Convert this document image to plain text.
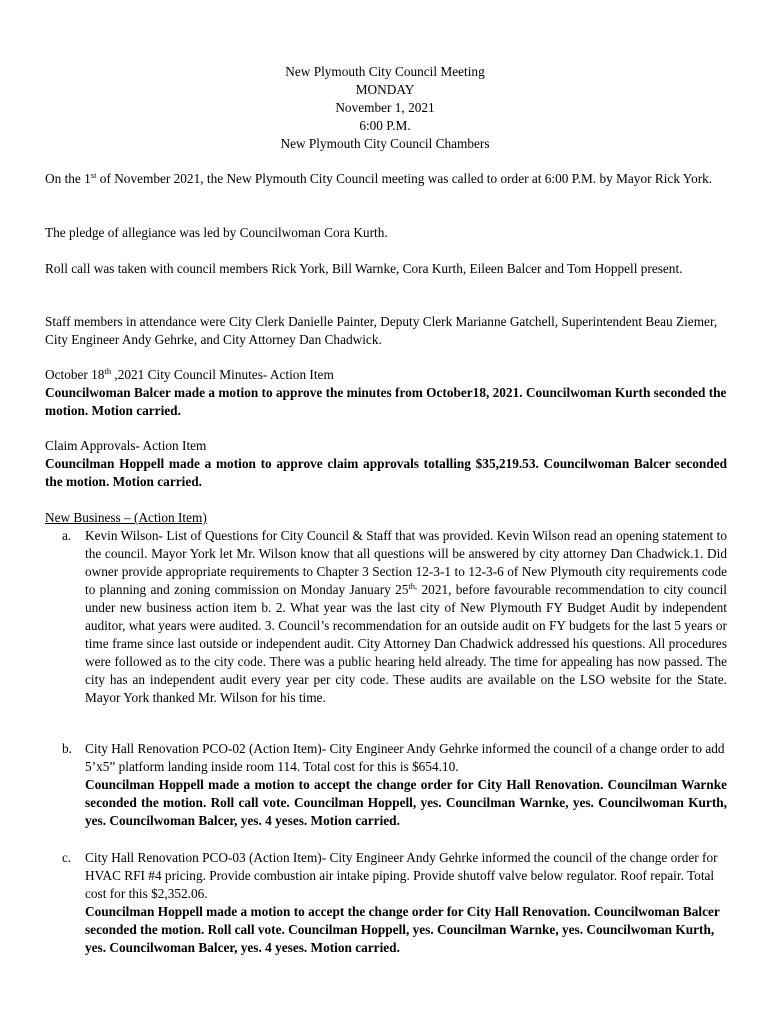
New Plymouth City Council Meeting
MONDAY
November 1, 2021
6:00 P.M.
New Plymouth City Council Chambers

On the 1st of November 2021, the New Plymouth City Council meeting was called to order at 6:00 P.M. by Mayor Rick York.

The pledge of allegiance was led by Councilwoman Cora Kurth.

Roll call was taken with council members Rick York, Bill Warnke, Cora Kurth, Eileen Balcer and Tom Hoppell present.

Staff members in attendance were City Clerk Danielle Painter, Deputy Clerk Marianne Gatchell, Superintendent Beau Ziemer, City Engineer Andy Gehrke, and City Attorney Dan Chadwick.

October 18th ,2021 City Council Minutes- Action Item
Councilwoman Balcer made a motion to approve the minutes from October18, 2021. Councilwoman Kurth seconded the motion. Motion carried.
Claim Approvals- Action Item
Councilman Hoppell made a motion to approve claim approvals totalling $35,219.53. Councilwoman Balcer seconded the motion. Motion carried.
New Business – (Action Item)
a. Kevin Wilson- List of Questions for City Council & Staff that was provided. Kevin Wilson read an opening statement to the council. Mayor York let Mr. Wilson know that all questions will be answered by city attorney Dan Chadwick.1. Did owner provide appropriate requirements to Chapter 3 Section 12-3-1 to 12-3-6 of New Plymouth city requirements code to planning and zoning commission on Monday January $25^{th,}$ 2021, before favourable recommendation to city council under new business action item b. 2. What year was the last city of New Plymouth FY Budget Audit by independent auditor, what years were audited. 3. Council’s recommendation for an outside audit on FY budgets for the last 5 years or time frame since last outside or independent audit. City Attorney Dan Chadwick addressed his questions. All procedures were followed as to the city code. There was a public hearing held already. The time for appealing has now passed. The city has an independent audit every year per city code. These audits are available on the LSO website for the State. Mayor York thanked Mr. Wilson for his time.
b. City Hall Renovation PCO-02 (Action Item)- City Engineer Andy Gehrke informed the council of a change order to add 5’x5” platform landing inside room 114. Total cost for this is $654.10.
Councilman Hoppell made a motion to accept the change order for City Hall Renovation. Councilman Warnke seconded the motion. Roll call vote. Councilman Hoppell, yes. Councilman Warnke, yes. Councilwoman Kurth, yes. Councilwoman Balcer, yes. 4 yeses. Motion carried.
c. City Hall Renovation PCO-03 (Action Item)- City Engineer Andy Gehrke informed the council of the change order for HVAC RFI #4 pricing. Provide combustion air intake piping. Provide shutoff valve below regulator. Roof repair. Total cost for this $2,352.06.
Councilman Hoppell made a motion to accept the change order for City Hall Renovation. Councilwoman Balcer seconded the motion. Roll call vote. Councilman Hoppell, yes. Councilman Warnke, yes. Councilwoman Kurth, yes. Councilwoman Balcer, yes. 4 yeses. Motion carried.
